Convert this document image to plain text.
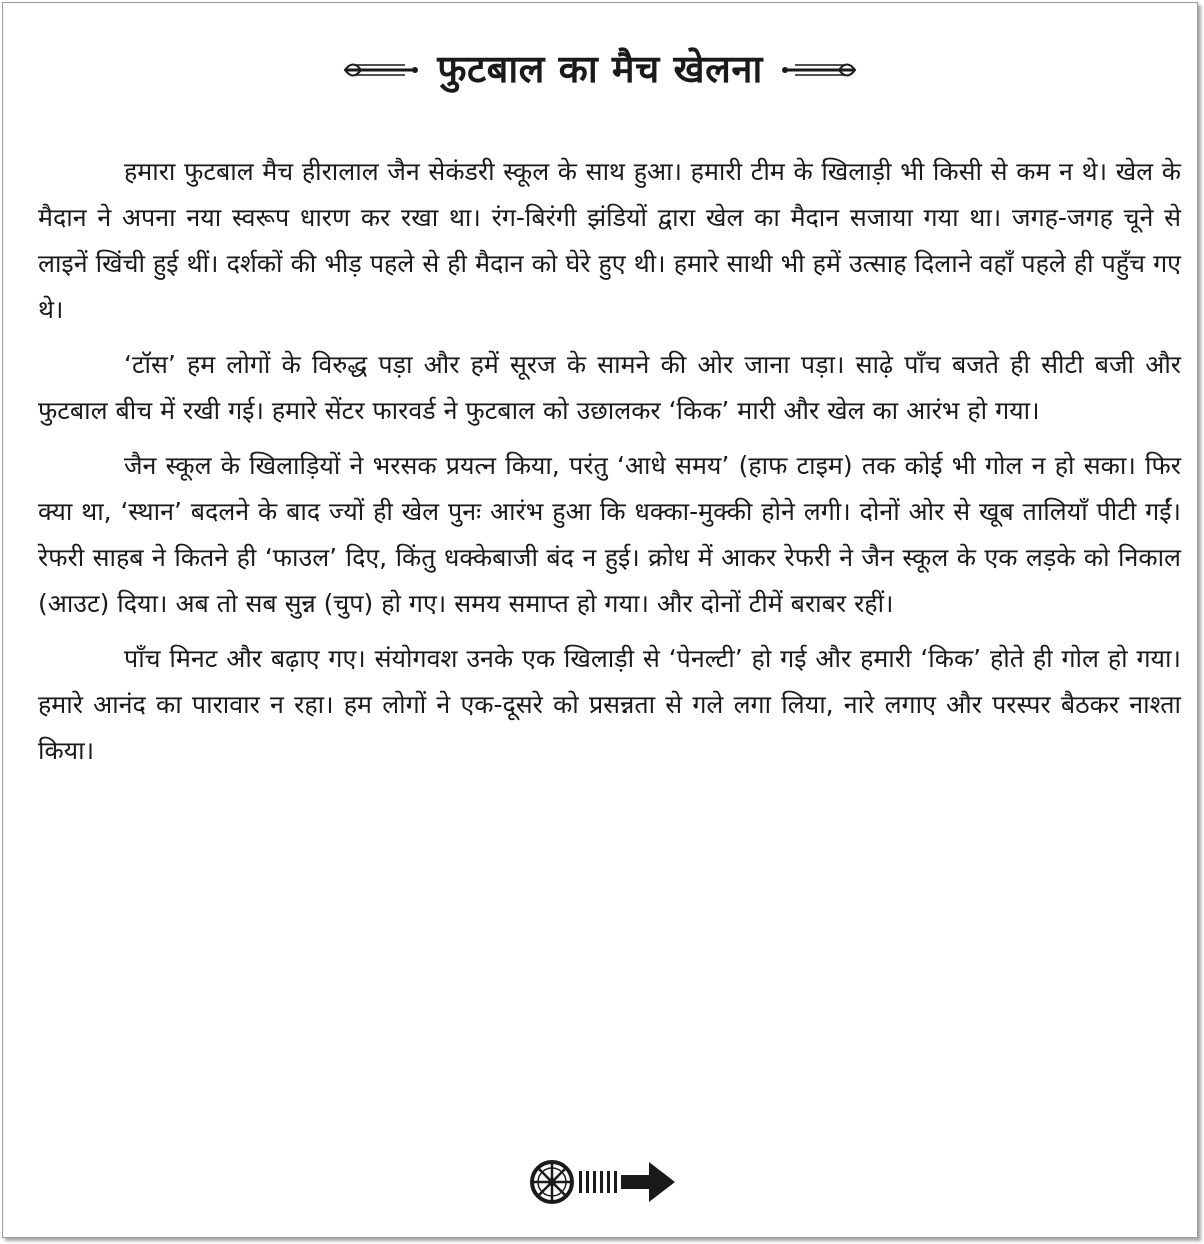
फुटबाल का मैच खेलना

हमारा फुटबाल मैच हीरालाल जैन सेकंडरी स्कूल के साथ हुआ। हमारी टीम के खिलाड़ी भी किसी से कम न थे। खेल के मैदान ने अपना नया स्वरूप धारण कर रखा था। रंग-बिरंगी झंडियों द्वारा खेल का मैदान सजाया गया था। जगह-जगह चूने से लाइनें खिंची हुई थीं। दर्शकों की भीड़ पहले से ही मैदान को घेरे हुए थी। हमारे साथी भी हमें उत्साह दिलाने वहाँ पहले ही पहुँच गए थे।

‘टॉस’ हम लोगों के विरुद्ध पड़ा और हमें सूरज के सामने की ओर जाना पड़ा। साढ़े पाँच बजते ही सीटी बजी और फुटबाल बीच में रखी गई। हमारे सेंटर फारवर्ड ने फुटबाल को उछालकर ‘किक’ मारी और खेल का आरंभ हो गया।

जैन स्कूल के खिलाड़ियों ने भरसक प्रयत्न किया, परंतु ‘आधे समय’ (हाफ टाइम) तक कोई भी गोल न हो सका। फिर क्या था, ‘स्थान’ बदलने के बाद ज्यों ही खेल पुनः आरंभ हुआ कि धक्का-मुक्की होने लगी। दोनों ओर से खूब तालियाँ पीटी गईं। रेफरी साहब ने कितने ही ‘फाउल’ दिए, किंतु धक्केबाजी बंद न हुई। क्रोध में आकर रेफरी ने जैन स्कूल के एक लड़के को निकाल (आउट) दिया। अब तो सब सुन्न (चुप) हो गए। समय समाप्त हो गया। और दोनों टीमें बराबर रहीं।

पाँच मिनट और बढ़ाए गए। संयोगवश उनके एक खिलाड़ी से ‘पेनल्टी’ हो गई और हमारी ‘किक’ होते ही गोल हो गया। हमारे आनंद का पारावार न रहा। हम लोगों ने एक-दूसरे को प्रसन्नता से गले लगा लिया, नारे लगाए और परस्पर बैठकर नाश्ता किया।
